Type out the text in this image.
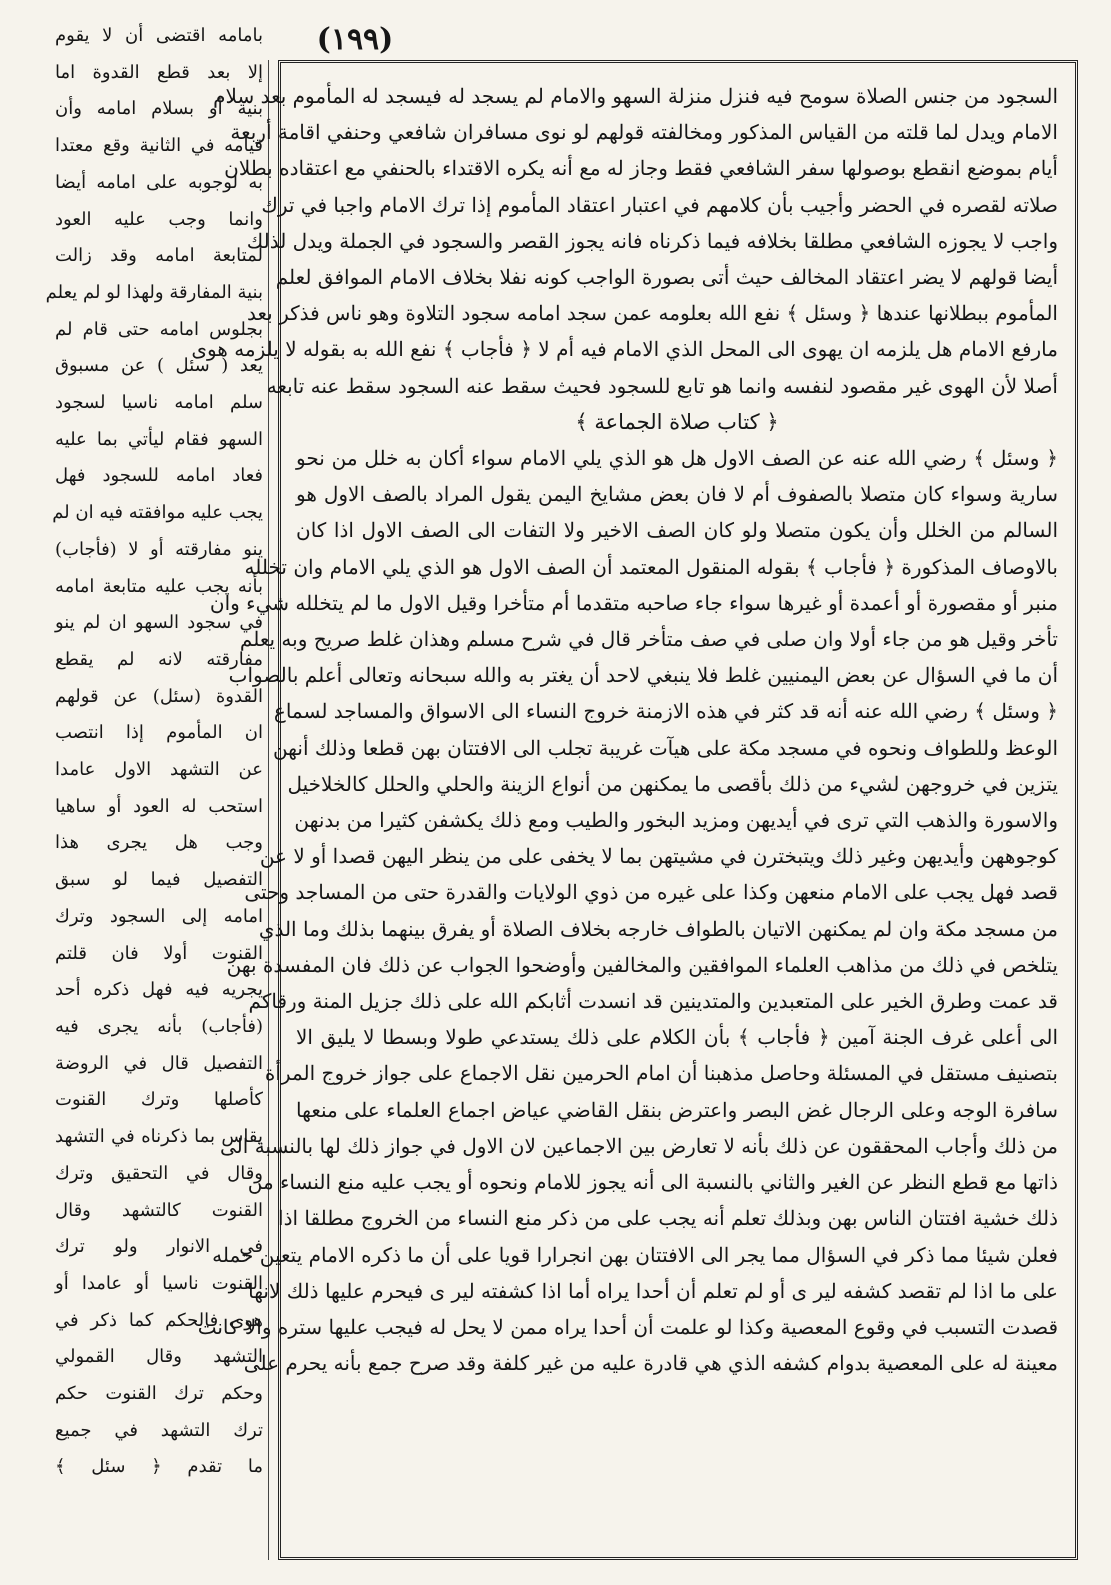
(١٩٩)

السجود من جنس الصلاة سومح فيه فنزل منزلة السهو والامام لم يسجد له فيسجد له المأموم بعد سلام

الامام ويدل لما قلته من القياس المذكور ومخالفته قولهم لو نوى مسافران شافعي وحنفي اقامة أربعة

أيام بموضع انقطع بوصولها سفر الشافعي فقط وجاز له مع أنه يكره الاقتداء بالحنفي مع اعتقاده بطلان

صلاته لقصره في الحضر وأجيب بأن كلامهم في اعتبار اعتقاد المأموم إذا ترك الامام واجبا في ترك

واجب لا يجوزه الشافعي مطلقا بخلافه فيما ذكرناه فانه يجوز القصر والسجود في الجملة ويدل لذلك

أيضا قولهم لا يضر اعتقاد المخالف حيث أتى بصورة الواجب كونه نفلا بخلاف الامام الموافق لعلم

المأموم ببطلانها عندها ﴿ وسئل ﴾ نفع الله بعلومه عمن سجد امامه سجود التلاوة وهو ناس فذكر بعد

مارفع الامام هل يلزمه ان يهوى الى المحل الذي الامام فيه أم لا ﴿ فأجاب ﴾ نفع الله به بقوله لا يلزمه هوى

أصلا لأن الهوى غير مقصود لنفسه وانما هو تابع للسجود فحيث سقط عنه السجود سقط عنه تابعه

﴿ كتاب صلاة الجماعة ﴾

﴿ وسئل ﴾ رضي الله عنه عن الصف الاول هل هو الذي يلي الامام سواء أكان به خلل من نحو

سارية وسواء كان متصلا بالصفوف أم لا فان بعض مشايخ اليمن يقول المراد بالصف الاول هو

السالم من الخلل وأن يكون متصلا ولو كان الصف الاخير ولا التفات الى الصف الاول اذا كان

بالاوصاف المذكورة ﴿ فأجاب ﴾ بقوله المنقول المعتمد أن الصف الاول هو الذي يلي الامام وان تخلله

منبر أو مقصورة أو أعمدة أو غيرها سواء جاء صاحبه متقدما أم متأخرا وقيل الاول ما لم يتخلله شيء وان

تأخر وقيل هو من جاء أولا وان صلى في صف متأخر قال في شرح مسلم وهذان غلط صريح وبه يعلم

أن ما في السؤال عن بعض اليمنيين غلط فلا ينبغي لاحد أن يغتر به والله سبحانه وتعالى أعلم بالصواب

﴿ وسئل ﴾ رضي الله عنه أنه قد كثر في هذه الازمنة خروج النساء الى الاسواق والمساجد لسماع

الوعظ وللطواف ونحوه في مسجد مكة على هيآت غريبة تجلب الى الافتتان بهن قطعا وذلك أنهن

يتزين في خروجهن لشيء من ذلك بأقصى ما يمكنهن من أنواع الزينة والحلي والحلل كالخلاخيل

والاسورة والذهب التي ترى في أيديهن ومزيد البخور والطيب ومع ذلك يكشفن كثيرا من بدنهن

كوجوههن وأيديهن وغير ذلك ويتبخترن في مشيتهن بما لا يخفى على من ينظر اليهن قصدا أو لا عن

قصد فهل يجب على الامام منعهن وكذا على غيره من ذوي الولايات والقدرة حتى من المساجد وحتى

من مسجد مكة وان لم يمكنهن الاتيان بالطواف خارجه بخلاف الصلاة أو يفرق بينهما بذلك وما الذي

يتلخص في ذلك من مذاهب العلماء الموافقين والمخالفين وأوضحوا الجواب عن ذلك فان المفسدة بهن

قد عمت وطرق الخير على المتعبدين والمتدينين قد انسدت أثابكم الله على ذلك جزيل المنة ورقاكم

الى أعلى غرف الجنة آمين ﴿ فأجاب ﴾ بأن الكلام على ذلك يستدعي طولا وبسطا لا يليق الا

بتصنيف مستقل في المسئلة وحاصل مذهبنا أن امام الحرمين نقل الاجماع على جواز خروج المرأة

سافرة الوجه وعلى الرجال غض البصر واعترض بنقل القاضي عياض اجماع العلماء على منعها

من ذلك وأجاب المحققون عن ذلك بأنه لا تعارض بين الاجماعين لان الاول في جواز ذلك لها بالنسبة الى

ذاتها مع قطع النظر عن الغير والثاني بالنسبة الى أنه يجوز للامام ونحوه أو يجب عليه منع النساء من

ذلك خشية افتتان الناس بهن وبذلك تعلم أنه يجب على من ذكر منع النساء من الخروج مطلقا اذا

فعلن شيئا مما ذكر في السؤال مما يجر الى الافتتان بهن انجرارا قويا على أن ما ذكره الامام يتعين حمله

على ما اذا لم تقصد كشفه لير ى أو لم تعلم أن أحدا يراه أما اذا كشفته لير ى فيحرم عليها ذلك لانها

قصدت التسبب في وقوع المعصية وكذا لو علمت أن أحدا يراه ممن لا يحل له فيجب عليها ستره والا كانت

معينة له على المعصية بدوام كشفه الذي هي قادرة عليه من غير كلفة وقد صرح جمع بأنه يحرم على

بامامه اقتضى أن لا يقوم

إلا بعد قطع القدوة اما

بنية أو بسلام امامه وأن

قيامه في الثانية وقع معتدا

به لوجوبه على امامه أيضا

وانما وجب عليه العود

لمتابعة امامه وقد زالت

بنية المفارقة ولهذا لو لم يعلم

بجلوس امامه حتى قام لم

يعد ( سئل ) عن مسبوق

سلم امامه ناسيا لسجود

السهو فقام ليأتي بما عليه

فعاد امامه للسجود فهل

يجب عليه موافقته فيه ان لم

ينو مفارقته أو لا (فأجاب)

بأنه يجب عليه متابعة امامه

في سجود السهو ان لم ينو

مفارقته لانه لم يقطع

القدوة (سئل) عن قولهم

ان المأموم إذا انتصب

عن التشهد الاول عامدا

استحب له العود أو ساهيا

وجب هل يجرى هذا

التفصيل فيما لو سبق

امامه إلى السجود وترك

القنوت أولا فان قلتم

يجريه فيه فهل ذكره أحد

(فأجاب) بأنه يجرى فيه

التفصيل قال في الروضة

كأصلها وترك القنوت

يقاس بما ذكرناه في التشهد

وقال في التحقيق وترك

القنوت كالتشهد وقال

في الانوار ولو ترك

القنوت ناسيا أو عامدا أو

هوى فالحكم كما ذكر في

التشهد وقال القمولي

وحكم ترك القنوت حكم

ترك التشهد في جميع

ما تقدم ﴿ سئل ﴾
